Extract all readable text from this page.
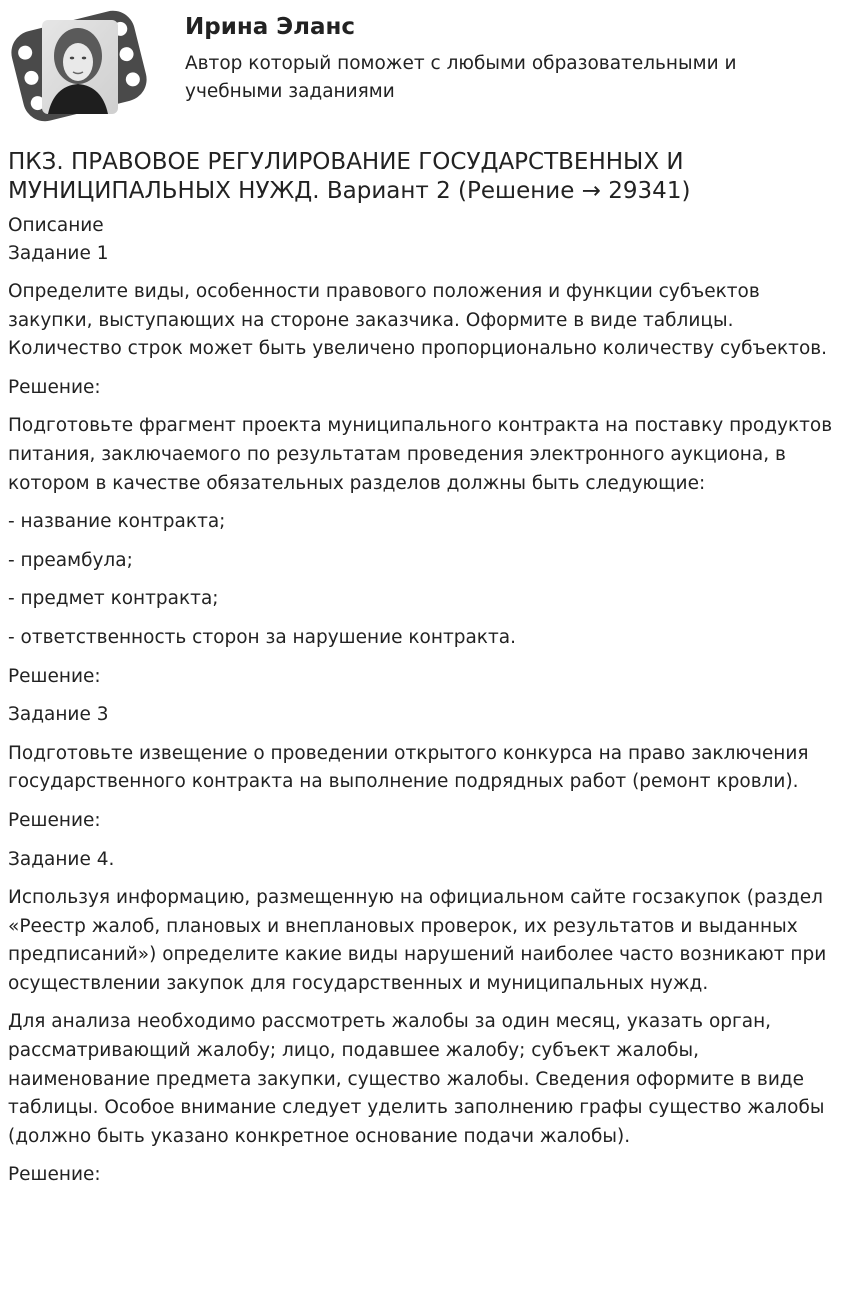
Ирина Эланс
Автор который поможет с любыми образовательными и учебными заданиями
ПКЗ. ПРАВОВОЕ РЕГУЛИРОВАНИЕ ГОСУДАРСТВЕННЫХ И МУНИЦИПАЛЬНЫХ НУЖД. Вариант 2 (Решение → 29341)
Описание
Задание 1
Определите виды, особенности правового положения и функции субъектов закупки, выступающих на стороне заказчика. Оформите в виде таблицы. Количество строк может быть увеличено пропорционально количеству субъектов.
Решение:
Подготовьте фрагмент проекта муниципального контракта на поставку продуктов питания, заключаемого по результатам проведения электронного аукциона, в котором в качестве обязательных разделов должны быть следующие:
- название контракта;
- преамбула;
- предмет контракта;
- ответственность сторон за нарушение контракта.
Решение:
Задание 3
Подготовьте извещение о проведении открытого конкурса на право заключения государственного контракта на выполнение подрядных работ (ремонт кровли).
Решение:
Задание 4.
Используя информацию, размещенную на официальном сайте госзакупок (раздел «Реестр жалоб, плановых и внеплановых проверок, их результатов и выданных предписаний») определите какие виды нарушений наиболее часто возникают при осуществлении закупок для государственных и муниципальных нужд.
Для анализа необходимо рассмотреть жалобы за один месяц, указать орган, рассматривающий жалобу; лицо, подавшее жалобу; субъект жалобы, наименование предмета закупки, существо жалобы. Сведения оформите в виде таблицы. Особое внимание следует уделить заполнению графы существо жалобы (должно быть указано конкретное основание подачи жалобы).
Решение:
